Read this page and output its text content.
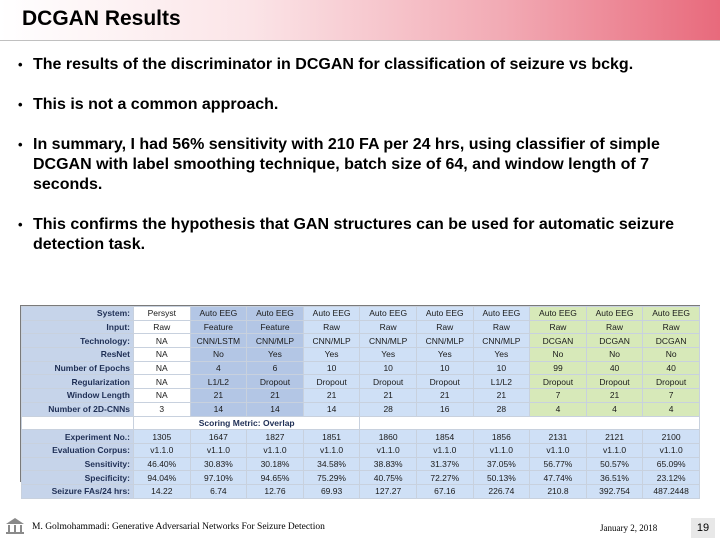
DCGAN Results
• The results of the discriminator in DCGAN for classification of seizure vs bckg.
• This is not a common approach.
• In summary, I had 56% sensitivity with 210 FA per 24 hrs, using classifier of simple DCGAN with label smoothing technique, batch size of 64, and window length of 7 seconds.
• This confirms the hypothesis that GAN structures can be used for automatic seizure detection task.
System:	Persyst	Auto EEG	Auto EEG	Auto EEG	Auto EEG	Auto EEG	Auto EEG	Auto EEG	Auto EEG	Auto EEG
Input:	Raw	Feature	Feature	Raw	Raw	Raw	Raw	Raw	Raw	Raw
Technology:	NA	CNN/LSTM	CNN/MLP	CNN/MLP	CNN/MLP	CNN/MLP	CNN/MLP	DCGAN	DCGAN	DCGAN
ResNet	NA	No	Yes	Yes	Yes	Yes	Yes	No	No	No
Number of Epochs	NA	4	6	10	10	10	10	99	40	40
Regularization	NA	L1/L2	Dropout	Dropout	Dropout	Dropout	L1/L2	Dropout	Dropout	Dropout
Window Length	NA	21	21	21	21	21	21	7	21	7
Number of 2D-CNNs	3	14	14	14	28	16	28	4	4	4
	Scoring Metric: Overlap									
Experiment No.:	1305	1647	1827	1851	1860	1854	1856	2131	2121	2100
Evaluation Corpus:	v1.1.0	v1.1.0	v1.1.0	v1.1.0	v1.1.0	v1.1.0	v1.1.0	v1.1.0	v1.1.0	v1.1.0
Sensitivity:	46.40%	30.83%	30.18%	34.58%	38.83%	31.37%	37.05%	56.77%	50.57%	65.09%
Specificity:	94.04%	97.10%	94.65%	75.29%	40.75%	72.27%	50.13%	47.74%	36.51%	23.12%
Seizure FAs/24 hrs:	14.22	6.74	12.76	69.93	127.27	67.16	226.74	210.8	392.754	487.2448
M. Golmohammadi: Generative Adversarial Networks For Seizure Detection	January 2, 2018	19
